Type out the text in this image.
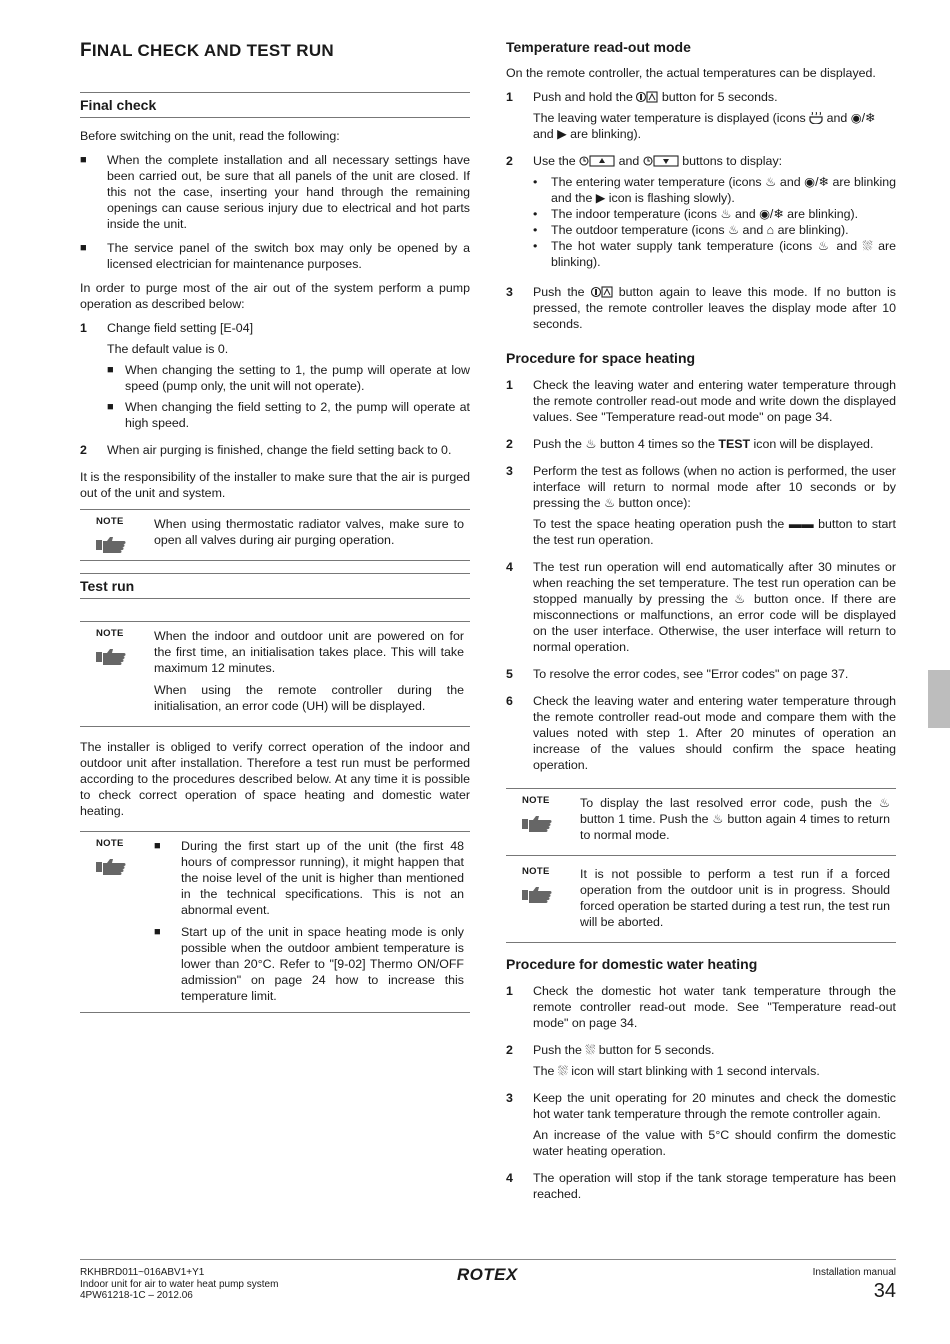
FINAL CHECK AND TEST RUN
Final check

Before switching on the unit, read the following:

■	When the complete installation and all necessary settings have been carried out, be sure that all panels of the unit are closed. If this not the case, inserting your hand through the remaining openings can cause serious injury due to electrical and hot parts inside the unit.
■	The service panel of the switch box may only be opened by a licensed electrician for maintenance purposes.

In order to purge most of the air out of the system perform a pump operation as described below:

1	Change field setting [E-04]

The default value is 0.

■ When changing the setting to 1, the pump will operate at low speed (pump only, the unit will not operate).
■ When changing the field setting to 2, the pump will operate at high speed.
2	When air purging is finished, change the field setting back to 0.

It is the responsibility of the installer to make sure that the air is purged out of the unit and system.

NOTE	When using thermostatic radiator valves, make sure to open all valves during air purging operation.

Test run
NOTE	When the indoor and outdoor unit are powered on for the first time, an initialisation takes place. This will take maximum 12 minutes.

When using the remote controller during the initialisation, an error code (UH) will be displayed.

The installer is obliged to verify correct operation of the indoor and outdoor unit after installation. Therefore a test run must be performed according to the procedures described below. At any time it is possible to check correct operation of space heating and domestic water heating.

NOTE	■	During the first start up of the unit (the first 48 hours of compressor running), it might happen that the noise level of the unit is higher than mentioned in the technical specifications. This is not an abnormal event.
■	Start up of the unit in space heating mode is only possible when the outdoor ambient temperature is lower than 20°C. Refer to "[9-02] Thermo ON/OFF admission" on page 24 how to increase this temperature limit.
Temperature read-out mode

On the remote controller, the actual temperatures can be displayed.

1	Push and hold the button for 5 seconds.

The leaving water temperature is displayed (icons and ◉/❄
and ▶ are blinking).

2	Use the	and	buttons to display:

•	The entering water temperature (icons ♨ and ◉/❄ are blinking and the ▶ icon is flashing slowly).
•	The indoor temperature (icons ♨ and ◉/❄ are blinking).
•	The outdoor temperature (icons ♨ and ⌂ are blinking).
•	The hot water supply tank temperature (icons ♨ and ⛆ are blinking).
3	Push the	button again to leave this mode. If no button is pressed, the remote controller leaves the display mode after 10 seconds.

Procedure for space heating
1	Check the leaving water and entering water temperature through the remote controller read-out mode and write down the displayed values. See "Temperature read-out mode" on page 34.

2	Push the ♨ button 4 times so the TEST icon will be displayed.

3	Perform the test as follows (when no action is performed, the user interface will return to normal mode after 10 seconds or by pressing the ♨ button once):

To test the space heating operation push the ▬▬ button to start the test run operation.

4	The test run operation will end automatically after 30 minutes or when reaching the set temperature. The test run operation can be stopped manually by pressing the ♨ button once. If there are misconnections or malfunctions, an error code will be displayed on the user interface. Otherwise, the user interface will return to normal operation.

5	To resolve the error codes, see "Error codes" on page 37.

6	Check the leaving water and entering water temperature through the remote controller read-out mode and compare them with the values noted with step 1. After 20 minutes of operation an increase of the values should confirm the space heating operation.

NOTE	To display the last resolved error code, push the ♨ button 1 time. Push the ♨ button again 4 times to return to normal mode.

NOTE	It is not possible to perform a test run if a forced operation from the outdoor unit is in progress. Should forced operation be started during a test run, the test run will be aborted.

Procedure for domestic water heating
1	Check the domestic hot water tank temperature through the remote controller read-out mode. See "Temperature read-out mode" on page 34.

2	Push the ⛆ button for 5 seconds.

The ⛆ icon will start blinking with 1 second intervals.

3	Keep the unit operating for 20 minutes and check the domestic hot water tank temperature through the remote controller again.

An increase of the value with 5°C should confirm the domestic water heating operation.

4	The operation will stop if the tank storage temperature has been reached.

RKHBRD011~016ABV1+Y1
Indoor unit for air to water heat pump system
4PW61218-1C – 2012.06
ROTEX	Installation manual
34
